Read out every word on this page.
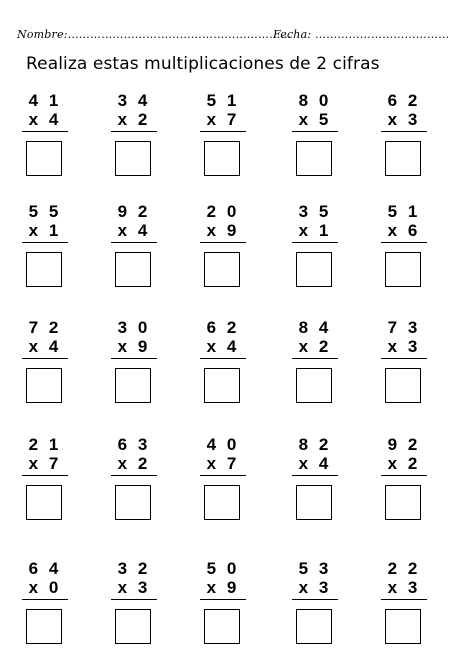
Nombre:……………………………………………………
Fecha: ………………………………
Realiza estas multiplicaciones de 2 cifras
4 1
x 4
3 4
x 2
5 1
x 7
8 0
x 5
6 2
x 3
5 5
x 1
9 2
x 4
2 0
x 9
3 5
x 1
5 1
x 6
7 2
x 4
3 0
x 9
6 2
x 4
8 4
x 2
7 3
x 3
2 1
x 7
6 3
x 2
4 0
x 7
8 2
x 4
9 2
x 2
6 4
x 0
3 2
x 3
5 0
x 9
5 3
x 3
2 2
x 3
